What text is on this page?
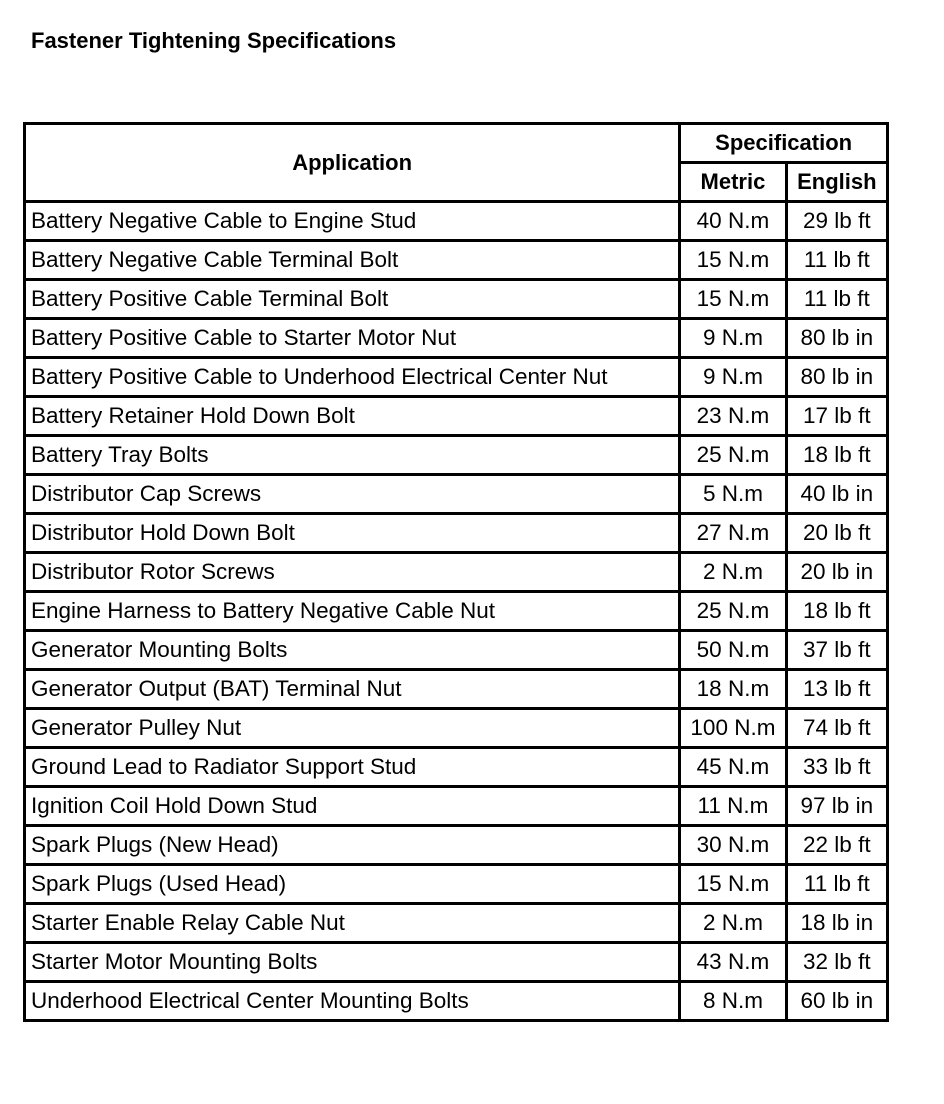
Fastener Tightening Specifications
Application	Specification	
	Metric	English
Battery Negative Cable to Engine Stud	40 N.m	29 lb ft
Battery Negative Cable Terminal Bolt	15 N.m	11 lb ft
Battery Positive Cable Terminal Bolt	15 N.m	11 lb ft
Battery Positive Cable to Starter Motor Nut	9 N.m	80 lb in
Battery Positive Cable to Underhood Electrical Center Nut	9 N.m	80 lb in
Battery Retainer Hold Down Bolt	23 N.m	17 lb ft
Battery Tray Bolts	25 N.m	18 lb ft
Distributor Cap Screws	5 N.m	40 lb in
Distributor Hold Down Bolt	27 N.m	20 lb ft
Distributor Rotor Screws	2 N.m	20 lb in
Engine Harness to Battery Negative Cable Nut	25 N.m	18 lb ft
Generator Mounting Bolts	50 N.m	37 lb ft
Generator Output (BAT) Terminal Nut	18 N.m	13 lb ft
Generator Pulley Nut	100 N.m	74 lb ft
Ground Lead to Radiator Support Stud	45 N.m	33 lb ft
Ignition Coil Hold Down Stud	11 N.m	97 lb in
Spark Plugs (New Head)	30 N.m	22 lb ft
Spark Plugs (Used Head)	15 N.m	11 lb ft
Starter Enable Relay Cable Nut	2 N.m	18 lb in
Starter Motor Mounting Bolts	43 N.m	32 lb ft
Underhood Electrical Center Mounting Bolts	8 N.m	60 lb in
